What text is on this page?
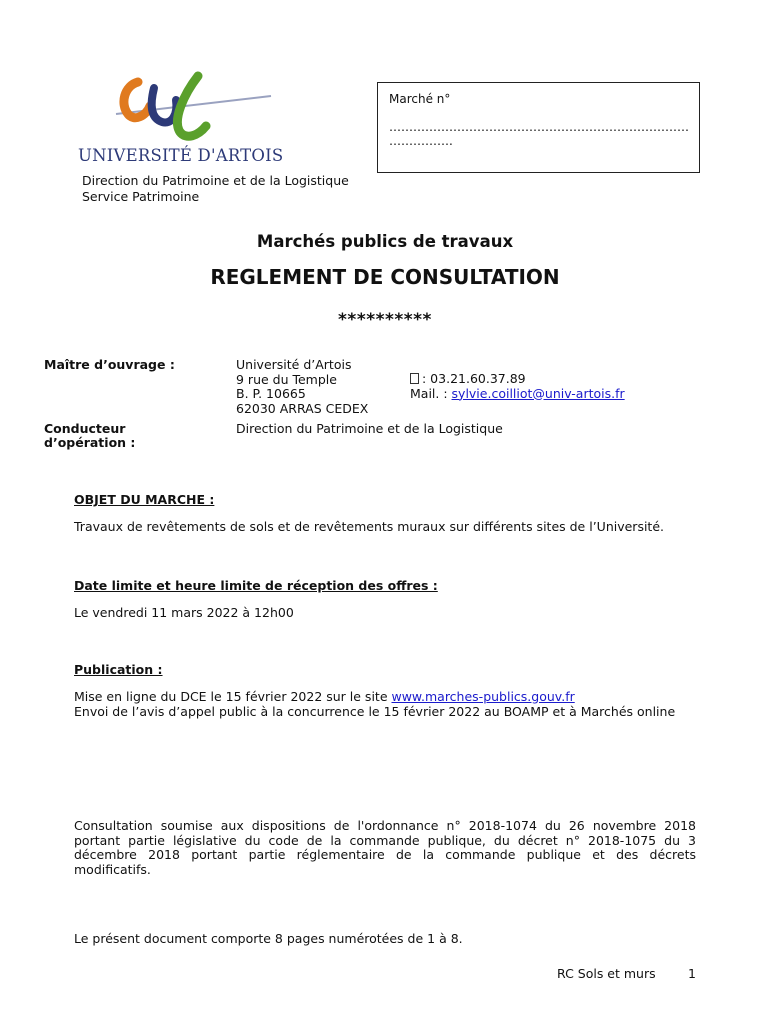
UNIVERSITÉ D'ARTOIS
Direction du Patrimoine et de la Logistique
Service Patrimoine
Marché n°
…………………………………………………………………
…………….
Marchés publics de travaux
REGLEMENT DE CONSULTATION
**********
Maître d’ouvrage :	Université d’Artois
9 rue du Temple
B. P. 10665
62030 ARRAS CEDEX
: 03.21.60.37.89
Mail. : sylvie.coilliot@univ-artois.fr
Conducteur
d’opération :
Direction du Patrimoine et de la Logistique
OBJET DU MARCHE :
Travaux de revêtements de sols et de revêtements muraux sur différents sites de l’Université.
Date limite et heure limite de réception des offres :
Le vendredi 11 mars 2022 à 12h00
Publication :
Mise en ligne du DCE le 15 février 2022 sur le site www.marches-publics.gouv.fr
Envoi de l’avis d’appel public à la concurrence le 15 février 2022 au BOAMP et à Marchés online
Consultation soumise aux dispositions de l'ordonnance n° 2018-1074 du 26 novembre 2018 portant partie législative du code de la commande publique, du décret n° 2018-1075 du 3 décembre 2018 portant partie réglementaire de la commande publique et des décrets modificatifs.
Le présent document comporte 8 pages numérotées de 1 à 8.
RC Sols et murs	1
